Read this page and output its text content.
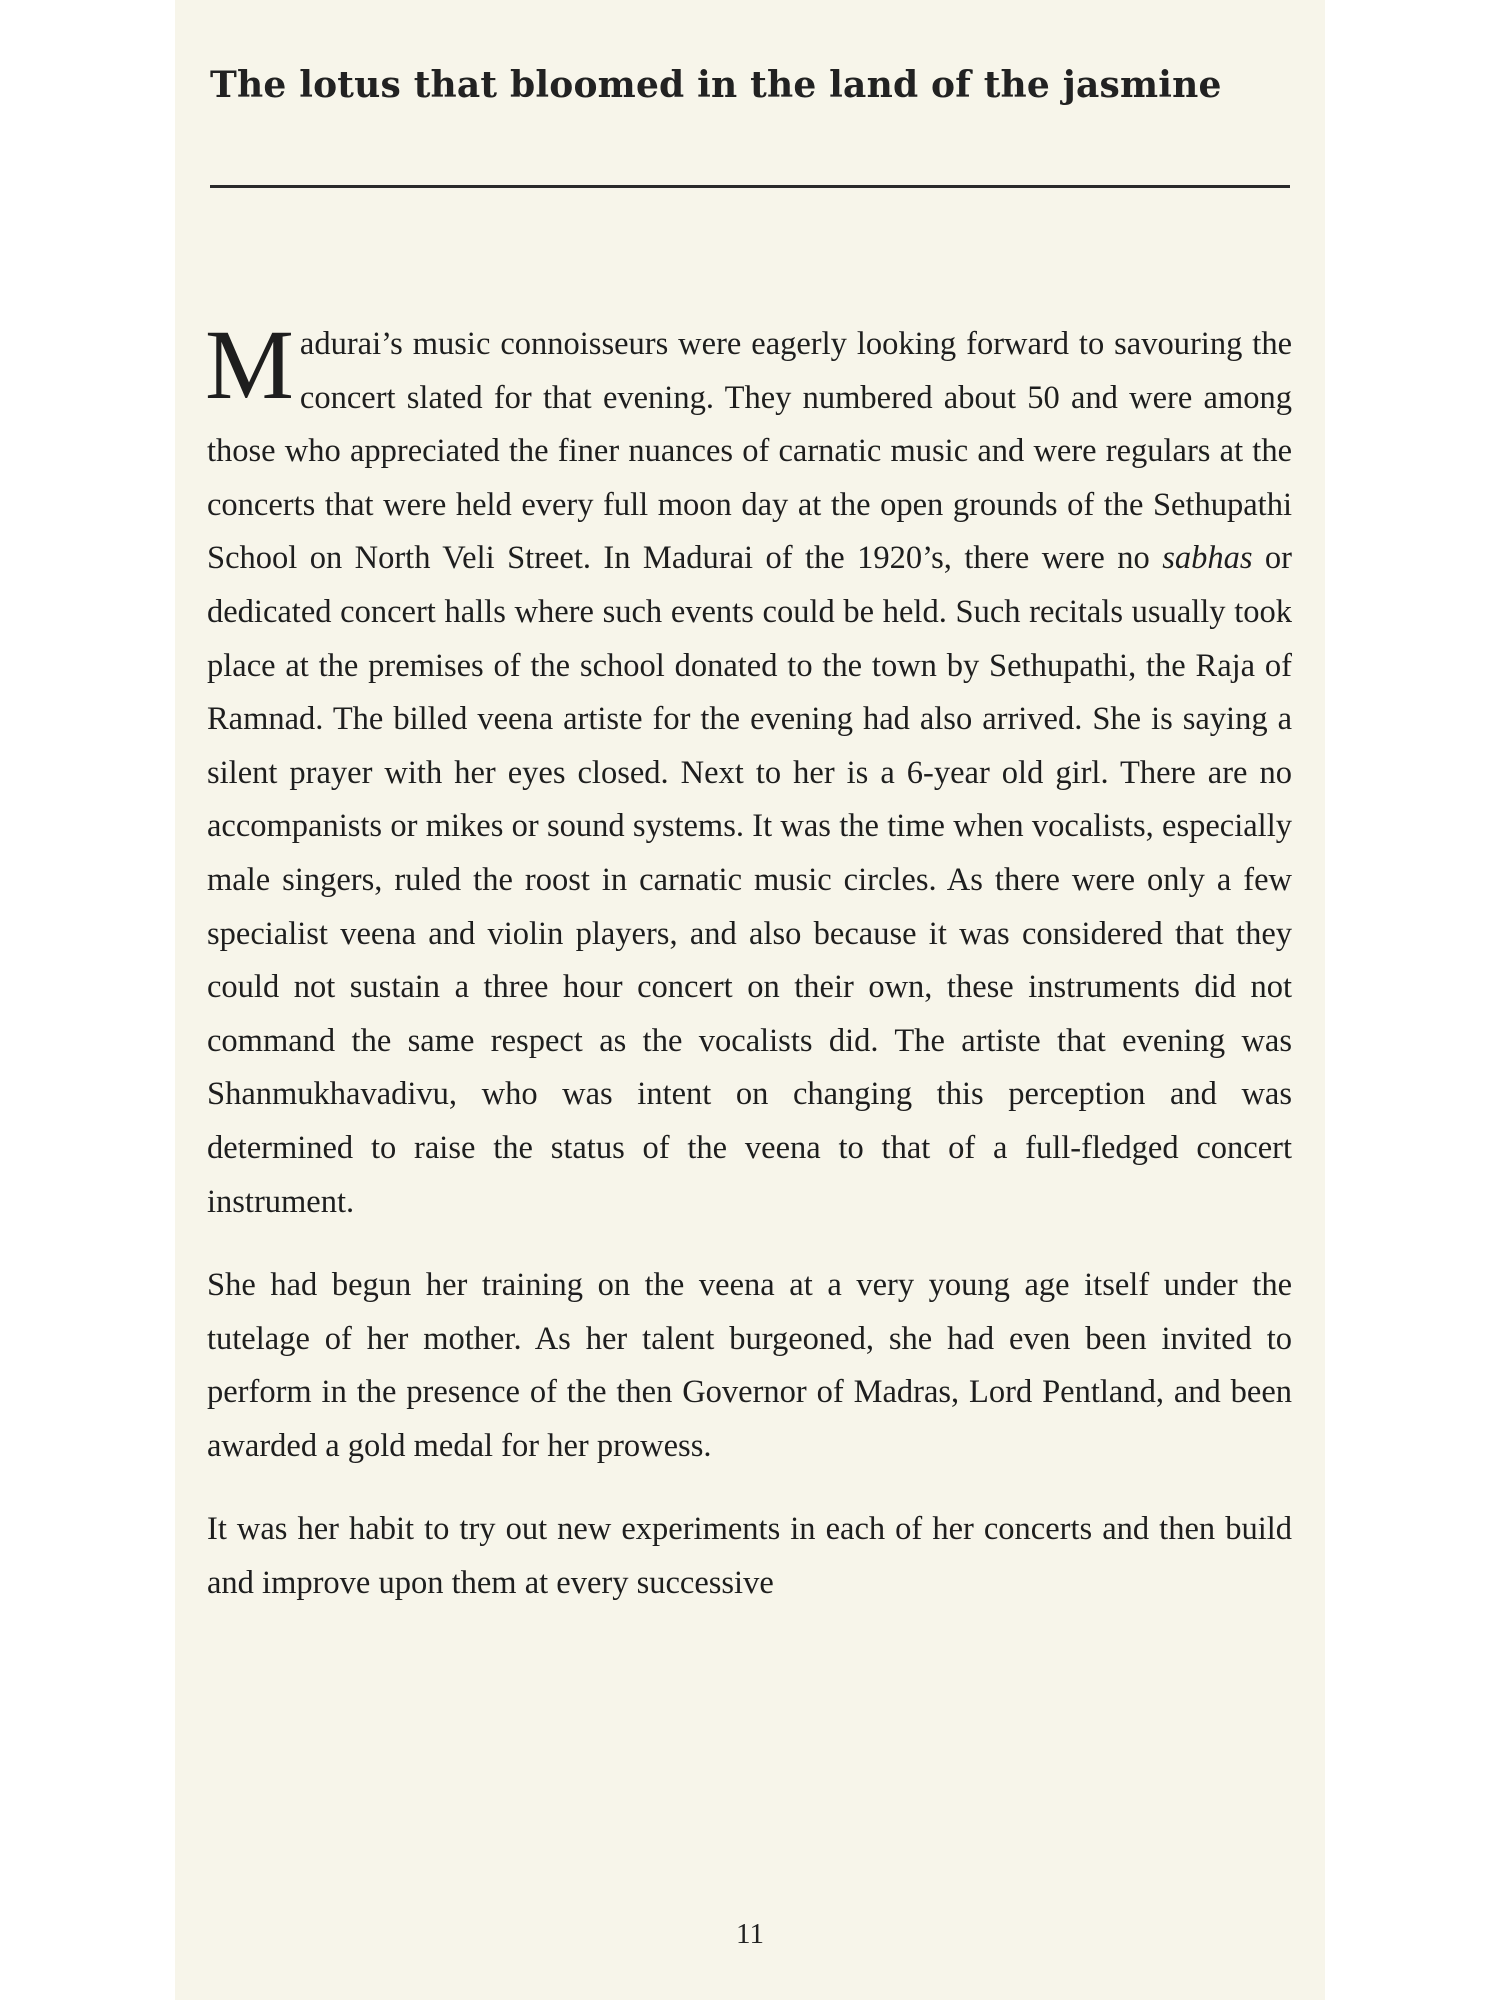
The lotus that bloomed in the land of the jasmine

Madurai’s music connoisseurs were eagerly looking forward to savouring the concert slated for that evening. They numbered about 50 and were among those who appreciated the finer nuances of carnatic music and were regulars at the concerts that were held every full moon day at the open grounds of the Sethupathi School on North Veli Street. In Madurai of the 1920’s, there were no sabhas or dedicated concert halls where such events could be held. Such recitals usually took place at the premises of the school donated to the town by Sethupathi, the Raja of Ramnad. The billed veena artiste for the evening had also arrived. She is saying a silent prayer with her eyes closed. Next to her is a 6-year old girl. There are no accompanists or mikes or sound systems. It was the time when vocalists, especially male singers, ruled the roost in carnatic music circles. As there were only a few specialist veena and violin players, and also because it was considered that they could not sustain a three hour concert on their own, these instruments did not command the same respect as the vocalists did. The artiste that evening was Shanmukhavadivu, who was intent on changing this perception and was determined to raise the status of the veena to that of a full-fledged concert instrument.

She had begun her training on the veena at a very young age itself under the tutelage of her mother. As her talent burgeoned, she had even been invited to perform in the presence of the then Governor of Madras, Lord Pentland, and been awarded a gold medal for her prowess.

It was her habit to try out new experiments in each of her concerts and then build and improve upon them at every successive

11
